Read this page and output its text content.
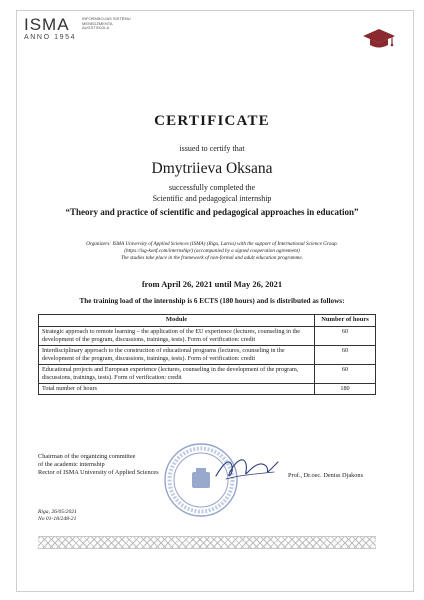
ISMA
ANNO 1954
INFORMĀCIJAS SISTĒMU MENEDŽMENTA AUGSTSKOLA
CERTIFICATE
issued to certify that
Dmytriieva Oksana
successfully completed the
Scientific and pedagogical internship
“Theory and practice of scientific and pedagogical approaches in education”
Organizers: ISMA University of Applied Sciences (ISMA) (Riga, Latvia) with the support of International Science Group.
(https://isg-konf.com/internship/) (accompanied by a signed cooperation agreement)
The studies take place in the framework of non-formal and adult education programme.
from April 26, 2021 until May 26, 2021
The training load of the internship is 6 ECTS (180 hours) and is distributed as follows:
Module	Number of hours
Strategic approach to remote learning – the application of the EU experience (lectures, counseling in the development of the program, discussions, trainings, tests). Form of verification: credit	60
Interdisciplinary approach to the construction of educational programs (lectures, counseling in the development of the program, discussions, trainings, tests). Form of verification: credit	60
Educational projects and European experience (lectures, counseling in the development of the program, discussions, trainings, tests). Form of verification: credit	60
Total number of hours	180
Chairman of the organizing committee
of the academic internship
Rector of ISMA University of Applied Sciences	Prof., Dr.oec. Deniss Djakons
Riga, 26/05/2021
No 01-18/248-21
